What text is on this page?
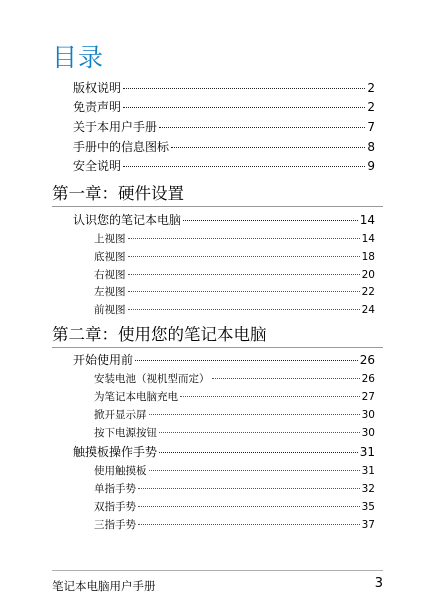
目录
版权说明	2
免责声明	2
关于本用户手册	7
手册中的信息图标	8
安全说明	9
第一章：硬件设置
认识您的笔记本电脑	14
上视图	14
底视图	18
右视图	20
左视图	22
前视图	24
第二章：使用您的笔记本电脑
开始使用前	26
安装电池（视机型而定）	26
为笔记本电脑充电	27
掀开显示屏	30
按下电源按钮	30
触摸板操作手势	31
使用触摸板	31
单指手势	32
双指手势	35
三指手势	37
笔记本电脑用户手册	3
